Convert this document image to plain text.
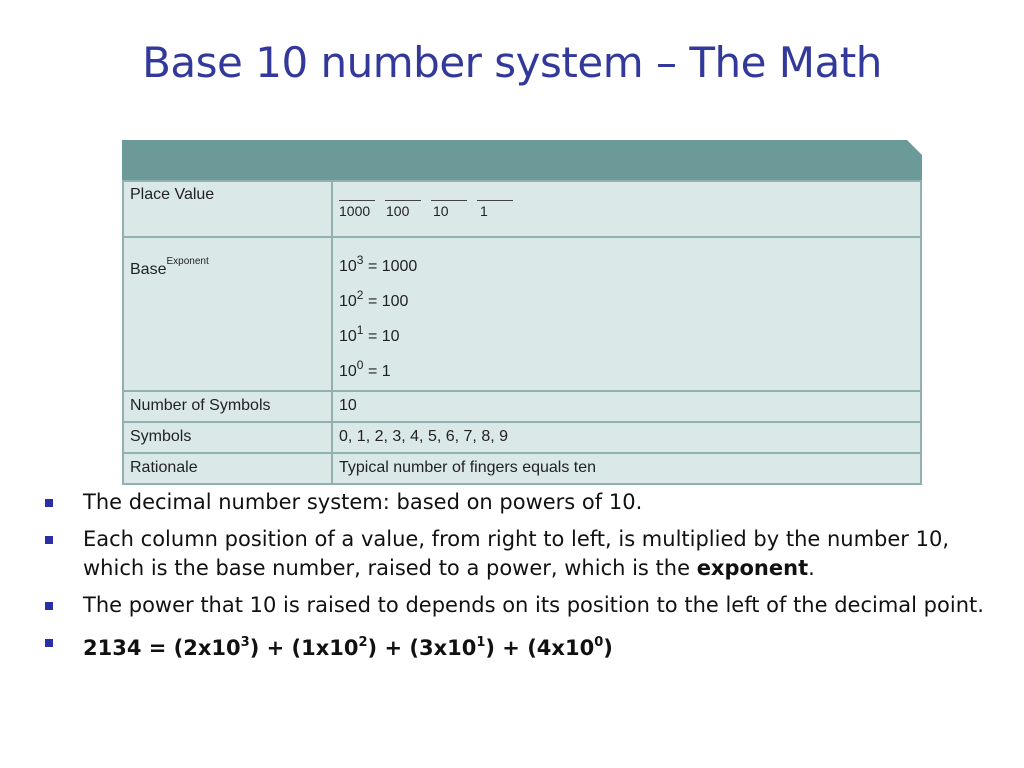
Base 10 number system – The Math
Place Value	1000 100 10 1

Base$^{Exponent}$	$10^3 = 1000$
$10^2 = 100$
$10^1 = 10$
$10^0 = 1$

Number of Symbols	10
Symbols	0, 1, 2, 3, 4, 5, 6, 7, 8, 9
Rationale	Typical number of fingers equals ten
The decimal number system: based on powers of 10.
Each column position of a value, from right to left, is multiplied by the number 10, which is the base number, raised to a power, which is the exponent.
The power that 10 is raised to depends on its position to the left of the decimal point.
$2134 = (2x10^3) + (1x10^2) + (3x10^1) + (4x10^0)$
